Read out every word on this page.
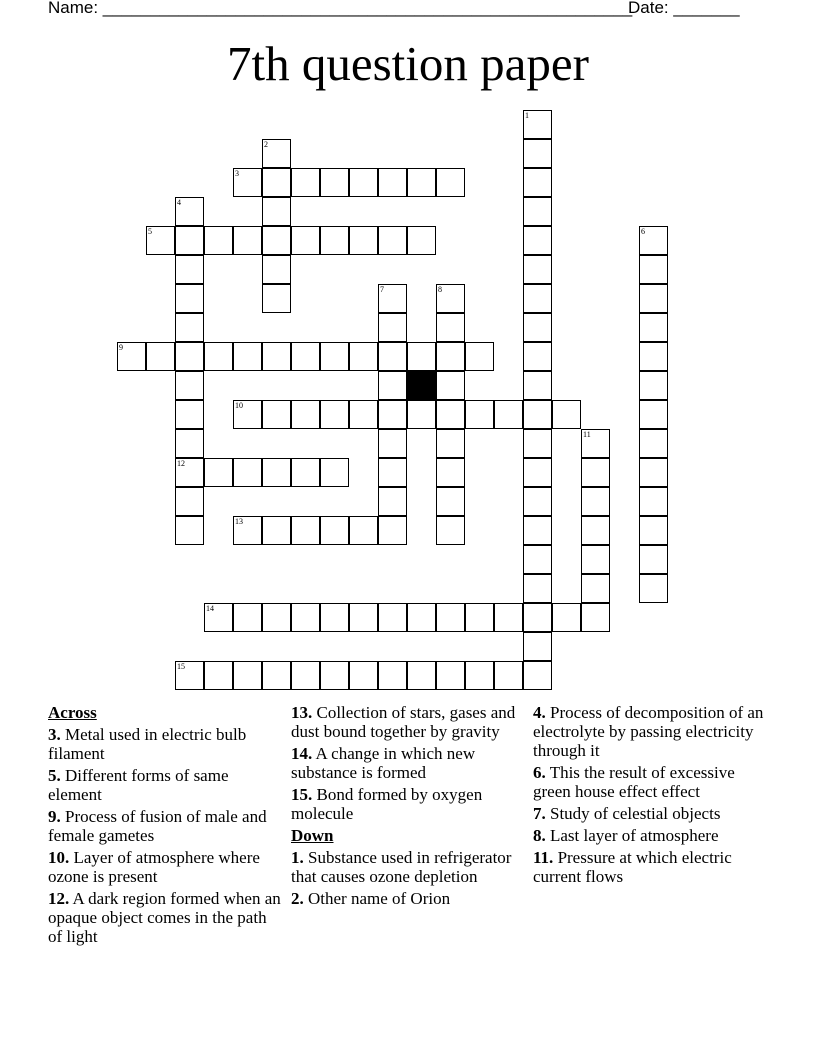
Name: ________________________________________________________
Date: _______
7th question paper
1
2
3
4
12
5	6
7	8
9
10
11
13
14
15
Across
3. Metal used in electric bulb filament
5. Different forms of same element
9. Process of fusion of male and female gametes
10. Layer of atmosphere where ozone is present
12. A dark region formed when an opaque object comes in the path of light
13. Collection of stars, gases and dust bound together by gravity
14. A change in which new substance is formed
15. Bond formed by oxygen molecule
Down
1. Substance used in refrigerator that causes ozone depletion
2. Other name of Orion
4. Process of decomposition of an electrolyte by passing electricity through it
6. This the result of excessive green house effect effect
7. Study of celestial objects
8. Last layer of atmosphere
11. Pressure at which electric current flows
